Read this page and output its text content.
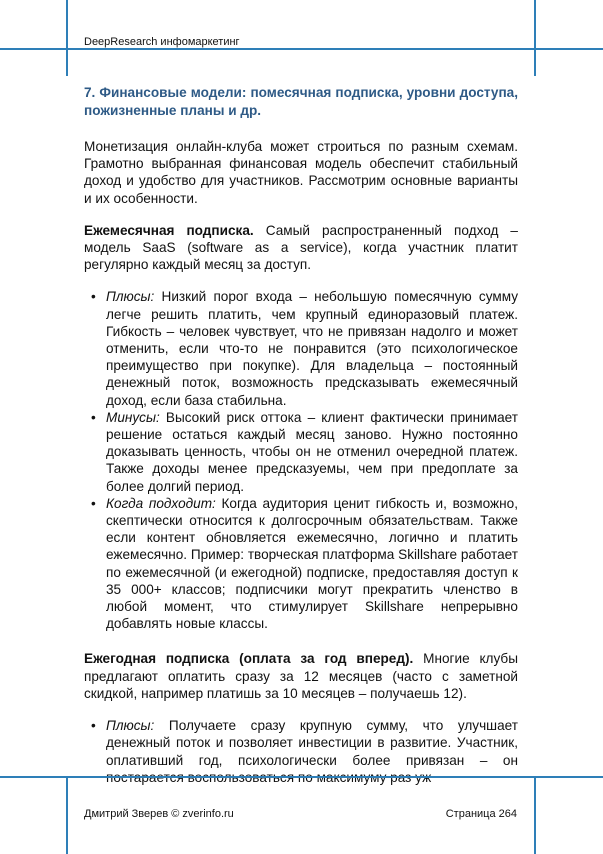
DeepResearch инфомаркетинг
7. Финансовые модели: помесячная подписка, уровни доступа, пожизненные планы и др.

Монетизация онлайн-клуба может строиться по разным схемам. Грамотно выбранная финансовая модель обеспечит стабильный доход и удобство для участников. Рассмотрим основные варианты и их особенности.

Ежемесячная подписка. Самый распространенный подход – модель SaaS (software as a service), когда участник платит регулярно каждый месяц за доступ.

• Плюсы: Низкий порог входа – небольшую помесячную сумму легче решить платить, чем крупный единоразовый платеж. Гибкость – человек чувствует, что не привязан надолго и может отменить, если что-то не понравится (это психологическое преимущество при покупке). Для владельца – постоянный денежный поток, возможность предсказывать ежемесячный доход, если база стабильна.
• Минусы: Высокий риск оттока – клиент фактически принимает решение остаться каждый месяц заново. Нужно постоянно доказывать ценность, чтобы он не отменил очередной платеж. Также доходы менее предсказуемы, чем при предоплате за более долгий период.
• Когда подходит: Когда аудитория ценит гибкость и, возможно, скептически относится к долгосрочным обязательствам. Также если контент обновляется ежемесячно, логично и платить ежемесячно. Пример: творческая платформа Skillshare работает по ежемесячной (и ежегодной) подписке, предоставляя доступ к 35 000+ классов; подписчики могут прекратить членство в любой момент, что стимулирует Skillshare непрерывно добавлять новые классы.

Ежегодная подписка (оплата за год вперед). Многие клубы предлагают оплатить сразу за 12 месяцев (часто с заметной скидкой, например платишь за 10 месяцев – получаешь 12).

• Плюсы: Получаете сразу крупную сумму, что улучшает денежный поток и позволяет инвестиции в развитие. Участник, оплативший год, психологически более привязан – он
Дмитрий Зверев © zverinfo.ru	Страница 264
